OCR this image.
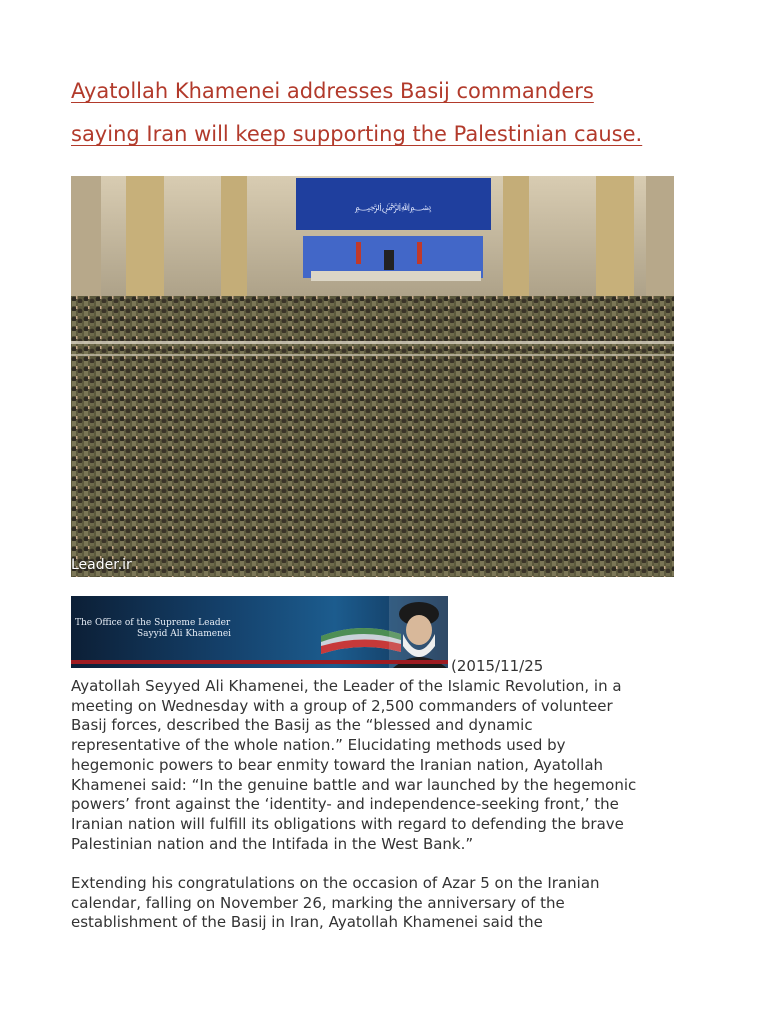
Ayatollah Khamenei addresses Basij commanders
saying Iran will keep supporting the Palestinian cause.
﷽
Leader.ir
The Office of the Supreme Leader
Sayyid Ali Khamenei
(2015/11/25

Ayatollah Seyyed Ali Khamenei, the Leader of the Islamic Revolution, in a
meeting on Wednesday with a group of 2,500 commanders of volunteer
Basij forces, described the Basij as the “blessed and dynamic
representative of the whole nation.” Elucidating methods used by
hegemonic powers to bear enmity toward the Iranian nation, Ayatollah
Khamenei said: “In the genuine battle and war launched by the hegemonic
powers’ front against the ‘identity- and independence-seeking front,’ the
Iranian nation will fulfill its obligations with regard to defending the brave
Palestinian nation and the Intifada in the West Bank.”

Extending his congratulations on the occasion of Azar 5 on the Iranian
calendar, falling on November 26, marking the anniversary of the
establishment of the Basij in Iran, Ayatollah Khamenei said the
